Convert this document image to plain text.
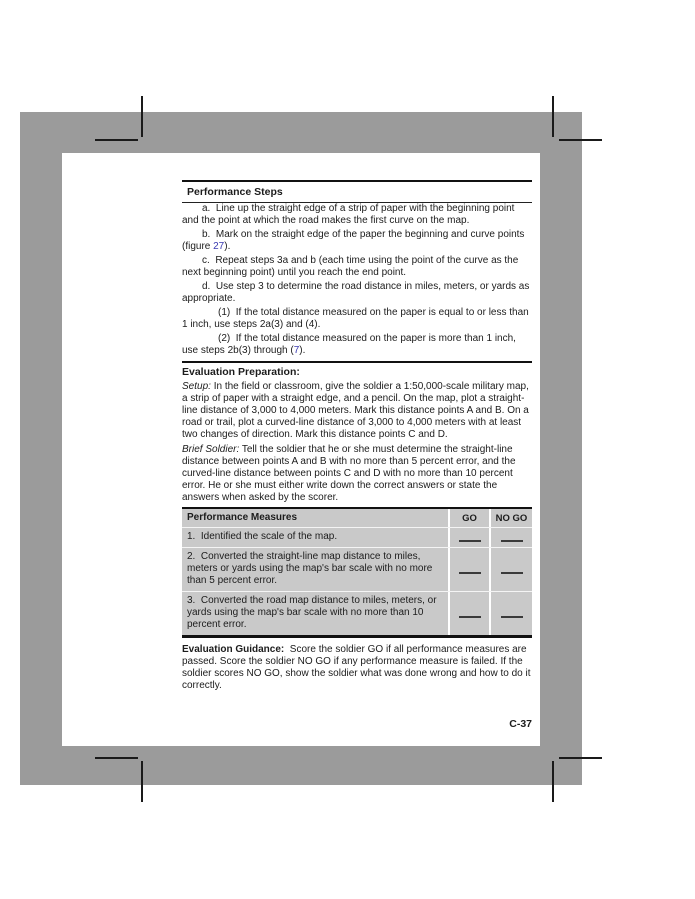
Performance Steps

a.  Line up the straight edge of a strip of paper with the beginning point and the point at which the road makes the first curve on the map.

b.  Mark on the straight edge of the paper the beginning and curve points (figure 27).

c.  Repeat steps 3a and b (each time using the point of the curve as the next beginning point) until you reach the end point.

d.  Use step 3 to determine the road distance in miles, meters, or yards as appropriate.

(1)  If the total distance measured on the paper is equal to or less than 1 inch, use steps 2a(3) and (4).

(2)  If the total distance measured on the paper is more than 1 inch, use steps 2b(3) through (7).

Evaluation Preparation:

Setup: In the field or classroom, give the soldier a 1:50,000-scale military map, a strip of paper with a straight edge, and a pencil. On the map, plot a straight-line distance of 3,000 to 4,000 meters. Mark this distance points A and B. On a road or trail, plot a curved-line distance of 3,000 to 4,000 meters with at least two changes of direction. Mark this distance points C and D.

Brief Soldier: Tell the soldier that he or she must determine the straight-line distance between points A and B with no more than 5 percent error, and the curved-line distance between points C and D with no more than 10 percent error. He or she must either write down the correct answers or state the answers when asked by the scorer.

Performance Measures	GO	NO GO
1.  Identified the scale of the map.
2.  Converted the straight-line map distance to miles, meters or yards using the map's bar scale with no more than 5 percent error.
3.  Converted the road map distance to miles, meters, or yards using the map's bar scale with no more than 10 percent error.

Evaluation Guidance:  Score the soldier GO if all performance measures are passed. Score the soldier NO GO if any performance measure is failed. If the soldier scores NO GO, show the soldier what was done wrong and how to do it correctly.

C-37
